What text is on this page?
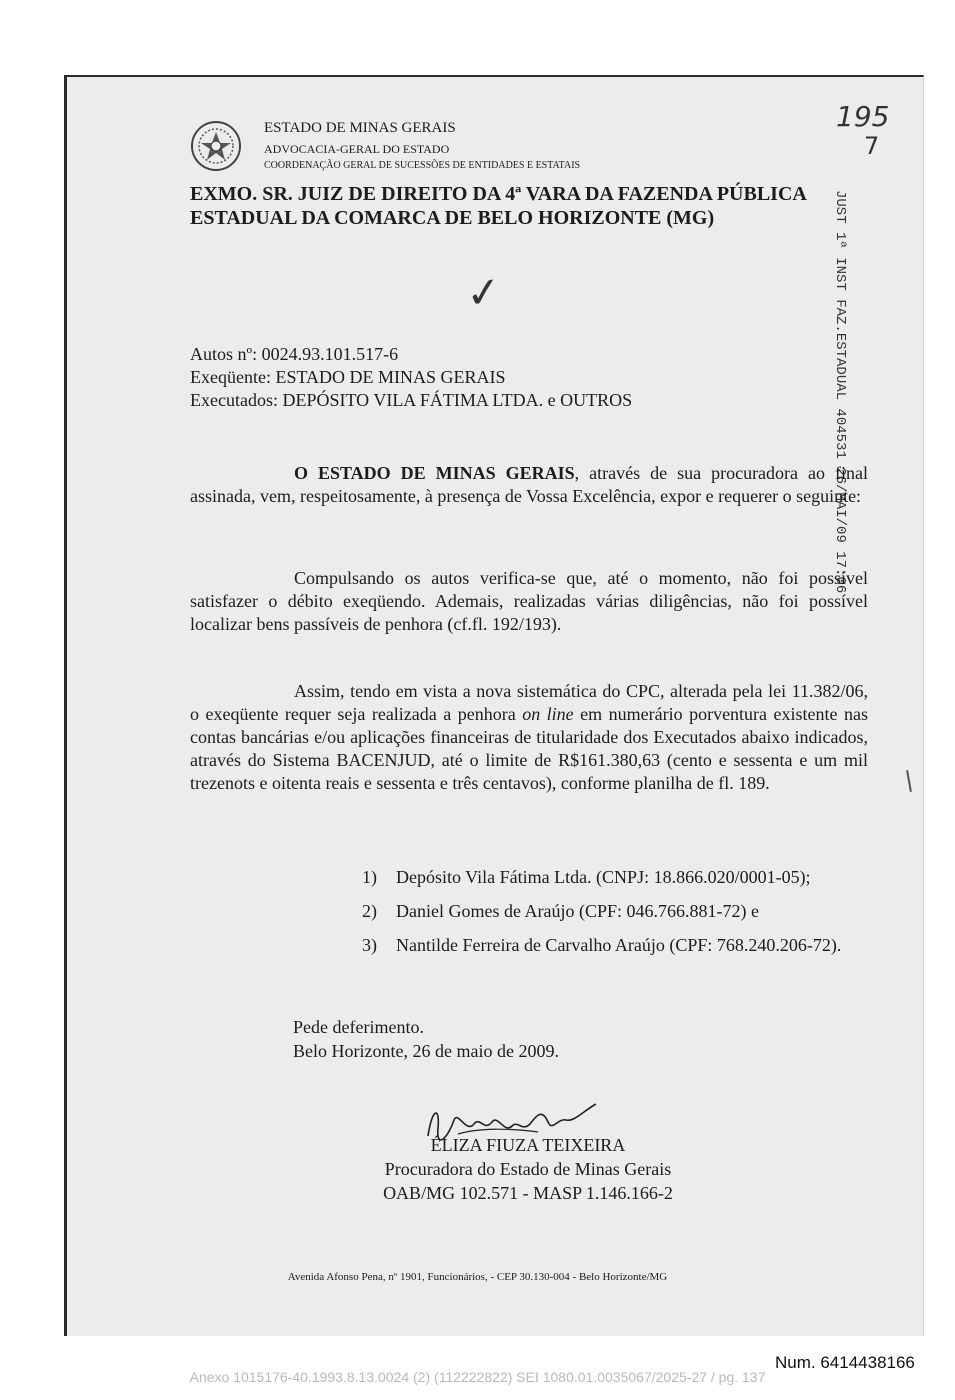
ESTADO DE MINAS GERAIS
ADVOCACIA-GERAL DO ESTADO
COORDENAÇÃO GERAL DE SUCESSÕES DE ENTIDADES E ESTATAIS
195
7
EXMO. SR. JUIZ DE DIREITO DA 4ª VARA DA FAZENDA PÚBLICA
ESTADUAL DA COMARCA DE BELO HORIZONTE (MG)	JUST 1ª INST FAZ.ESTADUAL 404531 26/MAI/09 17:06
✓
Autos nº: 0024.93.101.517-6
Exeqüente: ESTADO DE MINAS GERAIS
Executados: DEPÓSITO VILA FÁTIMA LTDA. e OUTROS
O ESTADO DE MINAS GERAIS, através de sua procuradora ao final assinada, vem, respeitosamente, à presença de Vossa Excelência, expor e requerer o seguinte:
Compulsando os autos verifica-se que, até o momento, não foi possível satisfazer o débito exeqüendo. Ademais, realizadas várias diligências, não foi possível localizar bens passíveis de penhora (cf.fl. 192/193).
Assim, tendo em vista a nova sistemática do CPC, alterada pela lei 11.382/06, o exeqüente requer seja realizada a penhora on line em numerário porventura existente nas contas bancárias e/ou aplicações financeiras de titularidade dos Executados abaixo indicados, através do Sistema BACENJUD, até o limite de R$161.380,63 (cento e sessenta e um mil trezenots e oitenta reais e sessenta e três centavos), conforme planilha de fl. 189.
1) Depósito Vila Fátima Ltda. (CNPJ: 18.866.020/0001-05);
2) Daniel Gomes de Araújo (CPF: 046.766.881-72) e
3) Nantilde Ferreira de Carvalho Araújo (CPF: 768.240.206-72).
Pede deferimento.
Belo Horizonte, 26 de maio de 2009.
ÉLIZA FIUZA TEIXEIRA
Procuradora do Estado de Minas Gerais
OAB/MG 102.571 - MASP 1.146.166-2
Avenida Afonso Pena, nº 1901, Funcionários, - CEP 30.130-004 - Belo Horizonte/MG
Num. 6414438166
Anexo 1015176-40.1993.8.13.0024 (2) (112222822) SEI 1080.01.0035067/2025-27 / pg. 137
